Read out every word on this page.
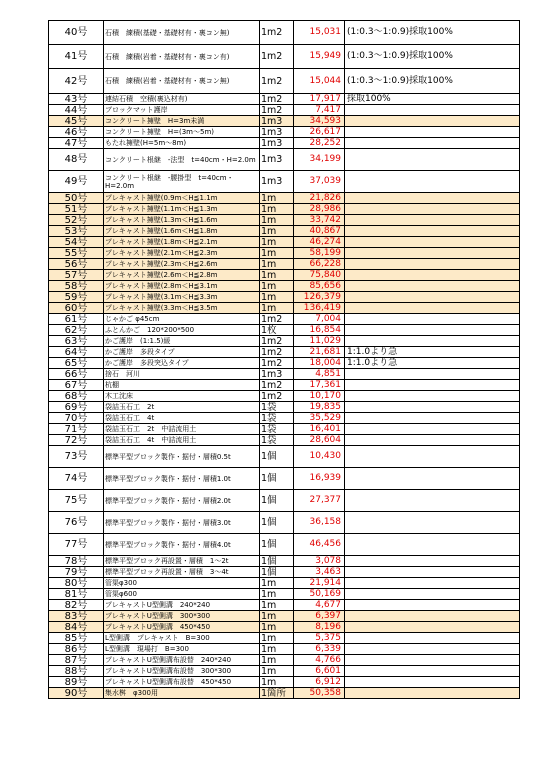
40号	石積　練積(基礎・基礎材有・裏コン無)	1m2	15,031	(1:0.3～1:0.9)採取100%
41号	石積　練積(岩着・基礎材有・裏コン有)	1m2	15,949	(1:0.3～1:0.9)採取100%
42号	石積　練積(岩着・基礎材有・裏コン無)	1m2	15,044	(1:0.3～1:0.9)採取100%
43号	連結石積　空積(裏込材有)	1m2	17,917	採取100%
44号	ブロックマット護岸	1m2	7,417	
45号	コンクリート擁壁　H=3m未満	1m3	34,593	
46号	コンクリート擁壁　H=(3m～5m)	1m3	26,617	
47号	もたれ擁壁(H=5m～8m)	1m3	28,252	
48号	コンクリート根継　-法型　t=40cm・H=2.0m	1m3	34,199	
49号	コンクリート根継　-腰掛型　t=40cm・H=2.0m	1m3	37,039	
50号	プレキャスト擁壁(0.9m＜H≦1.1m	1m	21,826	
51号	プレキャスト擁壁(1.1m＜H≦1.3m	1m	28,986	
52号	プレキャスト擁壁(1.3m＜H≦1.6m	1m	33,742	
53号	プレキャスト擁壁(1.6m＜H≦1.8m	1m	40,867	
54号	プレキャスト擁壁(1.8m＜H≦2.1m	1m	46,274	
55号	プレキャスト擁壁(2.1m＜H≦2.3m	1m	58,199	
56号	プレキャスト擁壁(2.3m＜H≦2.6m	1m	66,228	
57号	プレキャスト擁壁(2.6m＜H≦2.8m	1m	75,840	
58号	プレキャスト擁壁(2.8m＜H≦3.1m	1m	85,656	
59号	プレキャスト擁壁(3.1m＜H≦3.3m	1m	126,379	
60号	プレキャスト擁壁(3.3m＜H≦3.5m	1m	136,419	
61号	じゃかご φ45cm	1m2	7,004	
62号	ふとんかご　120*200*500	1枚	16,854	
63号	かご護岸　(1:1.5)緩	1m2	11,029	
64号	かご護岸　多段タイプ	1m2	21,681	1:1.0より急
65号	かご護岸　多段突込タイプ	1m2	18,004	1:1.0より急
66号	捨石　河川	1m3	4,851	
67号	杭棚	1m2	17,361	
68号	木工沈床	1m2	10,170	
69号	袋詰玉石工　2t	1袋	19,835	
70号	袋詰玉石工　4t	1袋	35,529	
71号	袋詰玉石工　2t　中詰流用土	1袋	16,401	
72号	袋詰玉石工　4t　中詰流用土	1袋	28,604	
73号	標準平型ブロック製作・据付・層積0.5t	1個	10,430	
74号	標準平型ブロック製作・据付・層積1.0t	1個	16,939	
75号	標準平型ブロック製作・据付・層積2.0t	1個	27,377	
76号	標準平型ブロック製作・据付・層積3.0t	1個	36,158	
77号	標準平型ブロック製作・据付・層積4.0t	1個	46,456	
78号	標準平型ブロック再設置・層積　1～2t	1個	3,078	
79号	標準平型ブロック再設置・層積　3～4t	1個	3,463	
80号	管渠φ300	1m	21,914	
81号	管渠φ600	1m	50,169	
82号	プレキャストU型側溝　240*240	1m	4,677	
83号	プレキャストU型側溝　300*300	1m	6,397	
84号	プレキャストU型側溝　450*450	1m	8,196	
85号	L型側溝　プレキャスト　B=300	1m	5,375	
86号	L型側溝　現場打　B=300	1m	6,339	
87号	プレキャストU型側溝布設替　240*240	1m	4,766	
88号	プレキャストU型側溝布設替　300*300	1m	6,601	
89号	プレキャストU型側溝布設替　450*450	1m	6,912	
90号	集水桝　φ300用	1箇所	50,358	
